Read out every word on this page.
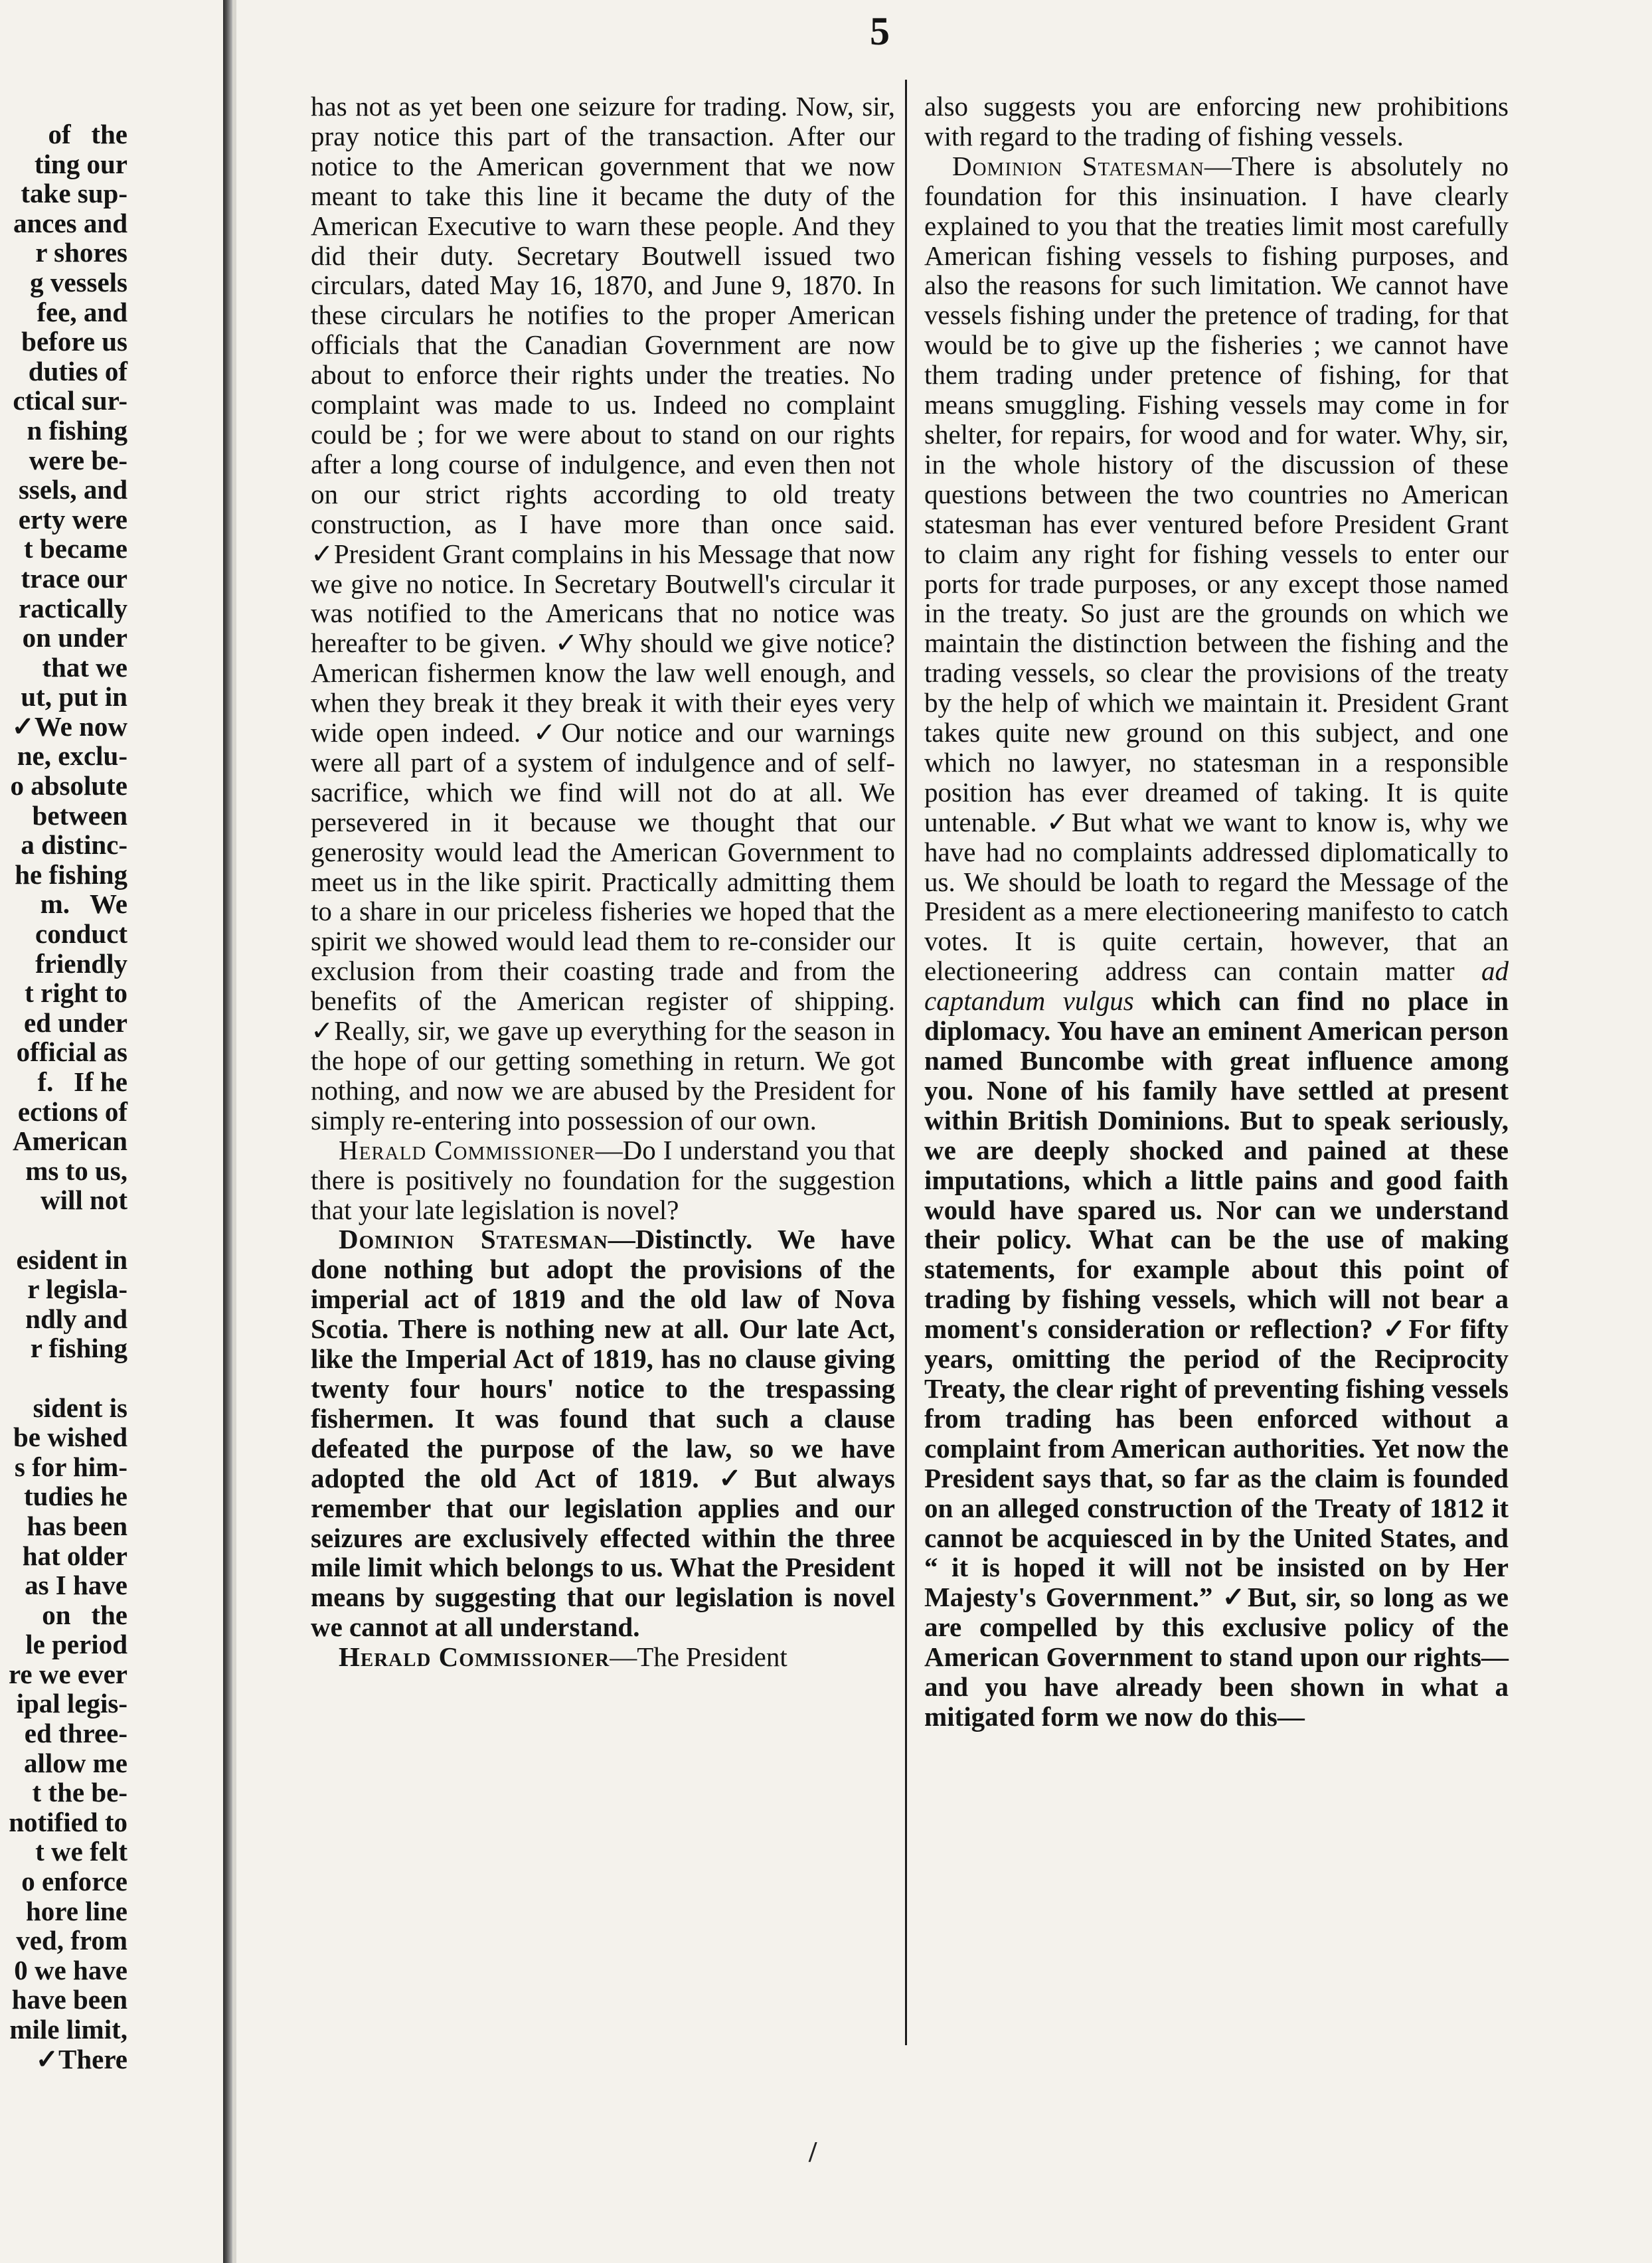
5
of   the
ting our
take sup-
ances and
r shores
g vessels
fee, and
before us
duties of
ctical sur-
n fishing
were be-
ssels, and
erty were
t became
trace our
ractically
on under
that we
ut, put in
✓We now
ne, exclu-
o absolute
between
a distinc-
he fishing
m.   We
conduct
friendly
t right to
ed under
official as
f.   If he
ections of
American
ms to us,
will not
esident in
r legisla-
ndly and
r fishing
sident is
be wished
s for him-
tudies he
has been
hat older
as I have
on   the
le period
re we ever
ipal legis-
ed three-
allow me
t the be-
notified to
t we felt
o enforce
hore line
ved, from
0 we have
have been
mile limit,
✓There

has not as yet been one seizure for trading. Now, sir, pray notice this part of the transaction. After our notice to the American government that we now meant to take this line it became the duty of the American Executive to warn these people. And they did their duty. Secretary Boutwell issued two circulars, dated May 16, 1870, and June 9, 1870. In these circulars he notifies to the proper American officials that the Canadian Government are now about to enforce their rights under the treaties. No complaint was made to us. Indeed no complaint could be ; for we were about to stand on our rights after a long course of indulgence, and even then not on our strict rights according to old treaty construction, as I have more than once said. ✓President Grant complains in his Message that now we give no notice. In Secretary Boutwell's circular it was notified to the Americans that no notice was hereafter to be given. ✓Why should we give notice? American fishermen know the law well enough, and when they break it they break it with their eyes very wide open indeed. ✓Our notice and our warnings were all part of a system of indulgence and of self-sacrifice, which we find will not do at all. We persevered in it because we thought that our generosity would lead the American Government to meet us in the like spirit. Practically admitting them to a share in our priceless fisheries we hoped that the spirit we showed would lead them to re-consider our exclusion from their coasting trade and from the benefits of the American register of shipping. ✓Really, sir, we gave up everything for the season in the hope of our getting something in return. We got nothing, and now we are abused by the President for simply re-entering into possession of our own.

Herald Commissioner—Do I understand you that there is positively no foundation for the suggestion that your late legislation is novel?

Dominion Statesman—Distinctly. We have done nothing but adopt the provisions of the imperial act of 1819 and the old law of Nova Scotia. There is nothing new at all. Our late Act, like the Imperial Act of 1819, has no clause giving twenty four hours' notice to the trespassing fishermen. It was found that such a clause defeated the purpose of the law, so we have adopted the old Act of 1819. ✓But always remember that our legislation applies and our seizures are exclusively effected within the three mile limit which belongs to us. What the President means by suggesting that our legislation is novel we cannot at all understand.

Herald Commissioner—The President

also suggests you are enforcing new prohibitions with regard to the trading of fishing vessels.

Dominion Statesman—There is absolutely no foundation for this insinuation. I have clearly explained to you that the treaties limit most carefully American fishing vessels to fishing purposes, and also the reasons for such limitation. We cannot have vessels fishing under the pretence of trading, for that would be to give up the fisheries ; we cannot have them trading under pretence of fishing, for that means smuggling. Fishing vessels may come in for shelter, for repairs, for wood and for water. Why, sir, in the whole history of the discussion of these questions between the two countries no American statesman has ever ventured before President Grant to claim any right for fishing vessels to enter our ports for trade purposes, or any except those named in the treaty. So just are the grounds on which we maintain the distinction between the fishing and the trading vessels, so clear the provisions of the treaty by the help of which we maintain it. President Grant takes quite new ground on this subject, and one which no lawyer, no statesman in a responsible position has ever dreamed of taking. It is quite untenable. ✓But what we want to know is, why we have had no complaints addressed diplomatically to us. We should be loath to regard the Message of the President as a mere electioneering manifesto to catch votes. It is quite certain, however, that an electioneering address can contain matter ad captandum vulgus which can find no place in diplomacy. You have an eminent American person named Buncombe with great influence among you. None of his family have settled at present within British Dominions. But to speak seriously, we are deeply shocked and pained at these imputations, which a little pains and good faith would have spared us. Nor can we understand their policy. What can be the use of making statements, for example about this point of trading by fishing vessels, which will not bear a moment's consideration or reflection? ✓For fifty years, omitting the period of the Reciprocity Treaty, the clear right of preventing fishing vessels from trading has been enforced without a complaint from American authorities. Yet now the President says that, so far as the claim is founded on an alleged construction of the Treaty of 1812 it cannot be acquiesced in by the United States, and “ it is hoped it will not be insisted on by Her Majesty's Government.” ✓But, sir, so long as we are compelled by this exclusive policy of the American Government to stand upon our rights—and you have already been shown in what a mitigated form we now do this—

/
